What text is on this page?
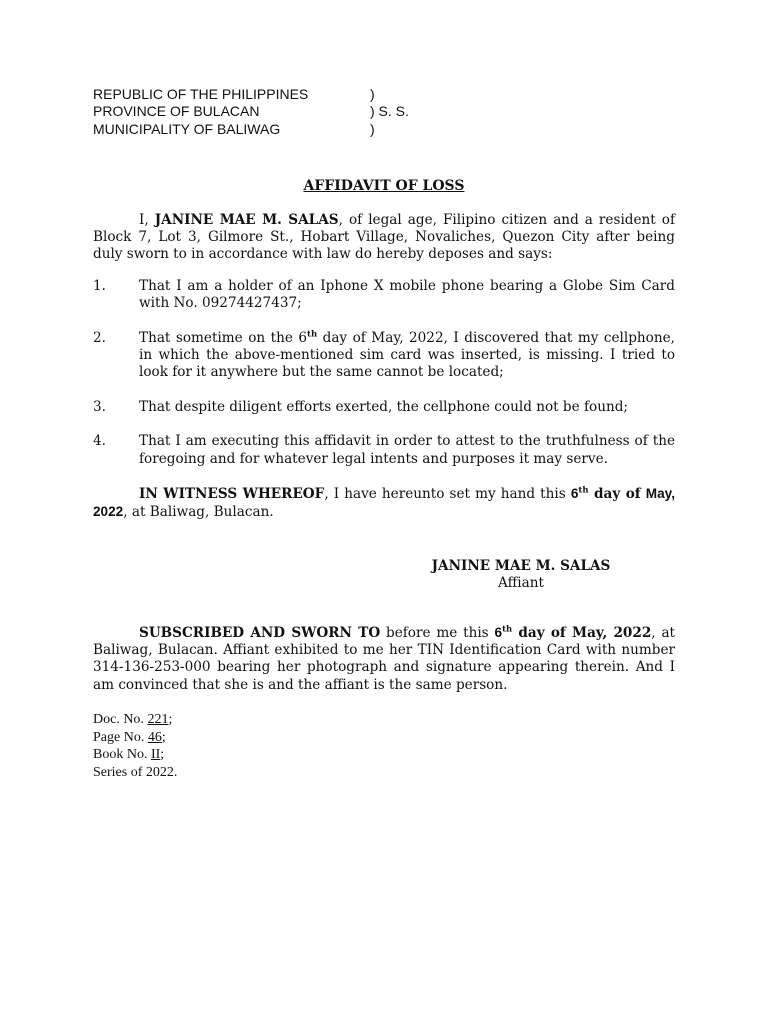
REPUBLIC OF THE PHILIPPINES	)
PROVINCE OF BULACAN	) S. S.
MUNICIPALITY OF BALIWAG	)
AFFIDAVIT OF LOSS

I, JANINE MAE M. SALAS, of legal age, Filipino citizen and a resident of Block 7, Lot 3, Gilmore St., Hobart Village, Novaliches, Quezon City after being duly sworn to in accordance with law do hereby deposes and says:

1. That I am a holder of an Iphone X mobile phone bearing a Globe Sim Card with No. 09274427437;
2. That sometime on the 6th day of May, 2022, I discovered that my cellphone, in which the above-mentioned sim card was inserted, is missing. I tried to look for it anywhere but the same cannot be located;
3. That despite diligent efforts exerted, the cellphone could not be found;
4. That I am executing this affidavit in order to attest to the truthfulness of the foregoing and for whatever legal intents and purposes it may serve.

IN WITNESS WHEREOF, I have hereunto set my hand this 6th day of May, 2022, at Baliwag, Bulacan.

JANINE MAE M. SALAS
Affiant

SUBSCRIBED AND SWORN TO before me this 6th day of May, 2022, at Baliwag, Bulacan. Affiant exhibited to me her TIN Identification Card with number 314-136-253-000 bearing her photograph and signature appearing therein. And I am convinced that she is and the affiant is the same person.

Doc. No. 221;
Page No. 46;
Book No. II;
Series of 2022.
